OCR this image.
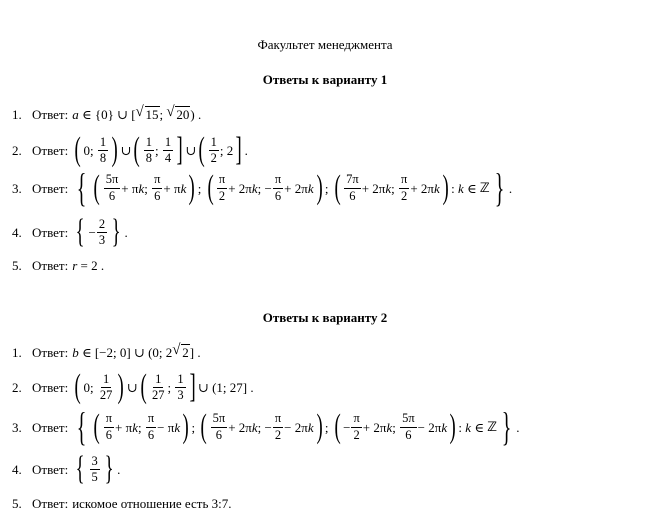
Факультет менеджмента
Ответы к варианту 1
1. Ответ: a ∈ {0} ∪ [ √ 15 ; √ 20 ) .
2. Ответ: ( 0; $\frac{1}{8}$ ) ∪ ( $\frac{1}{8}$ ; $\frac{1}{4}$ ] ∪ ( $\frac{1}{2}$ ; 2 ] .
3. Ответ: { ( $\frac{5\pi}{6} + \pi$ k ; $\frac{\pi}{6} + \pi$ k ) ; ( $\frac{\pi}{2} + 2\pi$ k ; − $\frac{\pi}{6} + 2\pi$ k ) ; ( $\frac{7\pi}{6} + 2\pi$ k ; $\frac{\pi}{2} + 2\pi$ k ) : k ∈ ℤ } .
4. Ответ: { − $\frac{2}{3}$ } .
5. Ответ: r = 2 .
Ответы к варианту 2
1. Ответ: b ∈ [−2; 0] ∪ (0; 2 √ 2 ] .
2. Ответ: ( 0; $\frac{1}{27}$ ) ∪ ( $\frac{1}{27}$ ; $\frac{1}{3}$ ] ∪ (1; 27] .
3. Ответ: { ( $\frac{\pi}{6} + \pi$ k ; $\frac{\pi}{6} - \pi$ k ) ; ( $\frac{5\pi}{6} + 2\pi$ k ; − $\frac{\pi}{2} - 2\pi$ k ) ; ( − $\frac{\pi}{2} + 2\pi$ k ; $\frac{5\pi}{6} - 2\pi$ k ) : k ∈ ℤ } .
4. Ответ: { $\frac{3}{5}$ } .
5. Ответ: искомое отношение есть 3:7.
